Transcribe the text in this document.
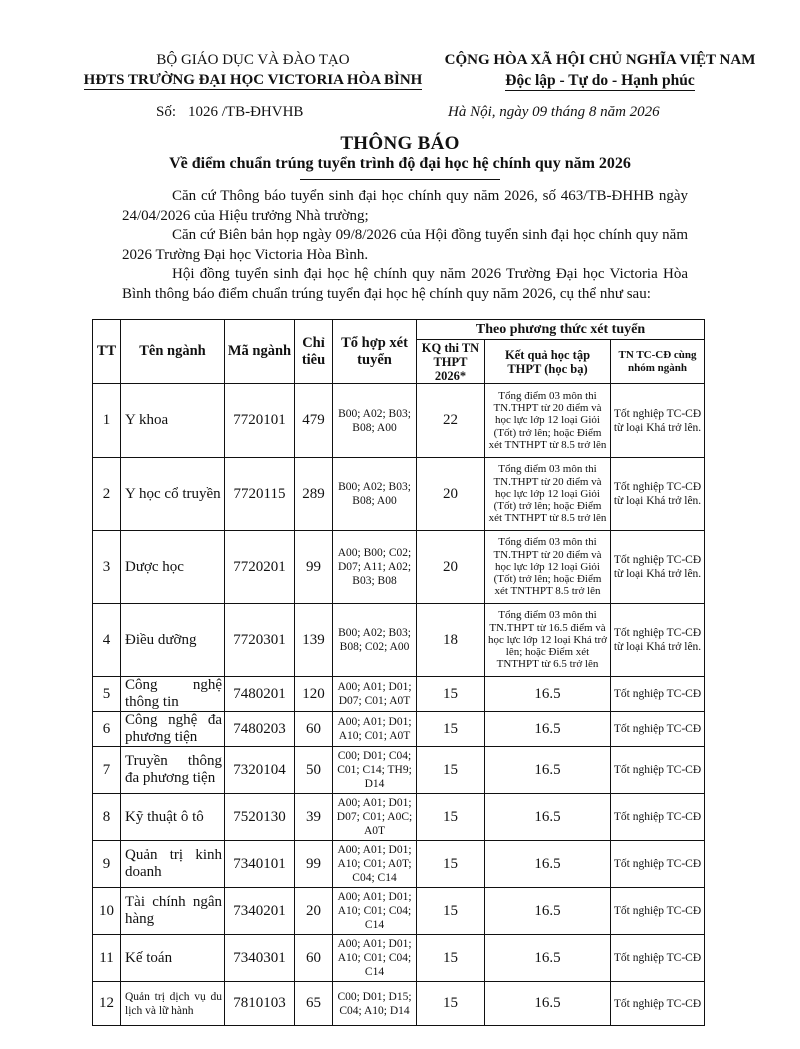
BỘ GIÁO DỤC VÀ ĐÀO TẠO
HĐTS TRƯỜNG ĐẠI HỌC VICTORIA HÒA BÌNH
CỘNG HÒA XÃ HỘI CHỦ NGHĨA VIỆT NAM
Độc lập - Tự do - Hạnh phúc
Số: 1026 /TB-ĐHVHB	Hà Nội, ngày 09 tháng 8 năm 2026
THÔNG BÁO
Về điểm chuẩn trúng tuyển trình độ đại học hệ chính quy năm 2026

Căn cứ Thông báo tuyển sinh đại học chính quy năm 2026, số 463/TB-ĐHHB ngày 24/04/2026 của Hiệu trưởng Nhà trường;

Căn cứ Biên bản họp ngày 09/8/2026 của Hội đồng tuyển sinh đại học chính quy năm 2026 Trường Đại học Victoria Hòa Bình.

Hội đồng tuyển sinh đại học hệ chính quy năm 2026 Trường Đại học Victoria Hòa Bình thông báo điểm chuẩn trúng tuyển đại học hệ chính quy năm 2026, cụ thể như sau:

TT	Tên ngành	Mã ngành	Chỉ tiêu	Tổ hợp xét tuyển	Theo phương thức xét tuyển		
					KQ thi TN THPT 2026*	Kết quả học tập THPT (học bạ)	TN TC-CĐ cùng nhóm ngành
1	Y khoa	7720101	479	B00; A02; B03; B08; A00	22	Tổng điểm 03 môn thi TN.THPT từ 20 điểm và học lực lớp 12 loại Giỏi (Tốt) trở lên; hoặc Điểm xét TNTHPT từ 8.5 trở lên	Tốt nghiệp TC-CĐ từ loại Khá trở lên.
2	Y học cổ truyền	7720115	289	B00; A02; B03; B08; A00	20	Tổng điểm 03 môn thi TN.THPT từ 20 điểm và học lực lớp 12 loại Giỏi (Tốt) trở lên; hoặc Điểm xét TNTHPT từ 8.5 trở lên	Tốt nghiệp TC-CĐ từ loại Khá trở lên.
3	Dược học	7720201	99	A00; B00; C02; D07; A11; A02; B03; B08	20	Tổng điểm 03 môn thi TN.THPT từ 20 điểm và học lực lớp 12 loại Giỏi (Tốt) trở lên; hoặc Điểm xét TNTHPT 8.5 trở lên	Tốt nghiệp TC-CĐ từ loại Khá trở lên.
4	Điều dưỡng	7720301	139	B00; A02; B03; B08; C02; A00	18	Tổng điểm 03 môn thi TN.THPT từ 16.5 điểm và học lực lớp 12 loại Khá trở lên; hoặc Điểm xét TNTHPT từ 6.5 trở lên	Tốt nghiệp TC-CĐ từ loại Khá trở lên.
5	Công nghệ thông tin	7480201	120	A00; A01; D01; D07; C01; A0T	15	16.5	Tốt nghiệp TC-CĐ
6	Công nghệ đa phương tiện	7480203	60	A00; A01; D01; A10; C01; A0T	15	16.5	Tốt nghiệp TC-CĐ
7	Truyền thông đa phương tiện	7320104	50	C00; D01; C04; C01; C14; TH9; D14	15	16.5	Tốt nghiệp TC-CĐ
8	Kỹ thuật ô tô	7520130	39	A00; A01; D01; D07; C01; A0C; A0T	15	16.5	Tốt nghiệp TC-CĐ
9	Quản trị kinh doanh	7340101	99	A00; A01; D01; A10; C01; A0T; C04; C14	15	16.5	Tốt nghiệp TC-CĐ
10	Tài chính ngân hàng	7340201	20	A00; A01; D01; A10; C01; C04; C14	15	16.5	Tốt nghiệp TC-CĐ
11	Kế toán	7340301	60	A00; A01; D01; A10; C01; C04; C14	15	16.5	Tốt nghiệp TC-CĐ
12	Quản trị dịch vụ du lịch và lữ hành	7810103	65	C00; D01; D15; C04; A10; D14	15	16.5	Tốt nghiệp TC-CĐ
